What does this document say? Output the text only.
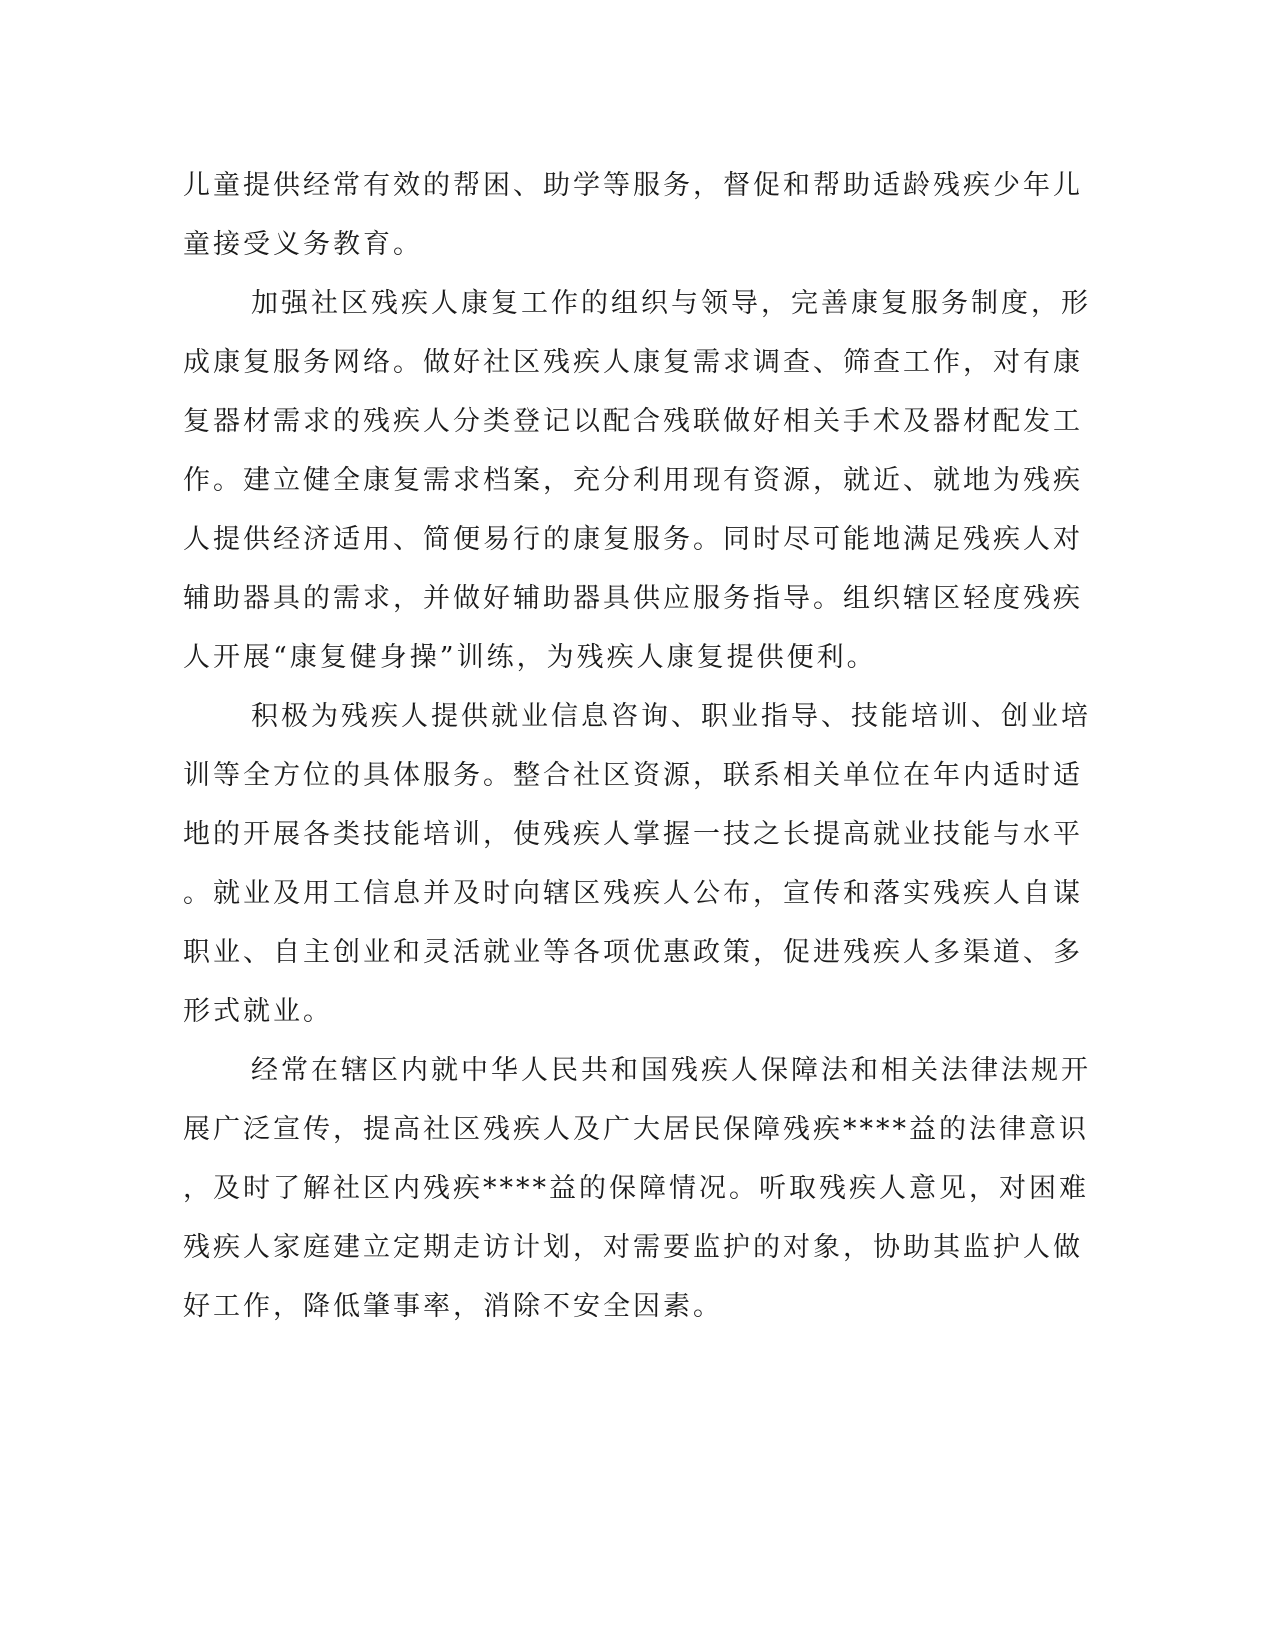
儿童提供经常有效的帮困、助学等服务，督促和帮助适龄残疾少年儿
童接受义务教育。
加强社区残疾人康复工作的组织与领导，完善康复服务制度，形
成康复服务网络。做好社区残疾人康复需求调查、筛查工作，对有康
复器材需求的残疾人分类登记以配合残联做好相关手术及器材配发工
作。建立健全康复需求档案，充分利用现有资源，就近、就地为残疾
人提供经济适用、简便易行的康复服务。同时尽可能地满足残疾人对
辅助器具的需求，并做好辅助器具供应服务指导。组织辖区轻度残疾
人开展“康复健身操”训练，为残疾人康复提供便利。
积极为残疾人提供就业信息咨询、职业指导、技能培训、创业培
训等全方位的具体服务。整合社区资源，联系相关单位在年内适时适
地的开展各类技能培训，使残疾人掌握一技之长提高就业技能与水平
。就业及用工信息并及时向辖区残疾人公布，宣传和落实残疾人自谋
职业、自主创业和灵活就业等各项优惠政策，促进残疾人多渠道、多
形式就业。
经常在辖区内就中华人民共和国残疾人保障法和相关法律法规开
展广泛宣传，提高社区残疾人及广大居民保障残疾****益的法律意识
，及时了解社区内残疾****益的保障情况。听取残疾人意见，对困难
残疾人家庭建立定期走访计划，对需要监护的对象，协助其监护人做
好工作，降低肇事率，消除不安全因素。
